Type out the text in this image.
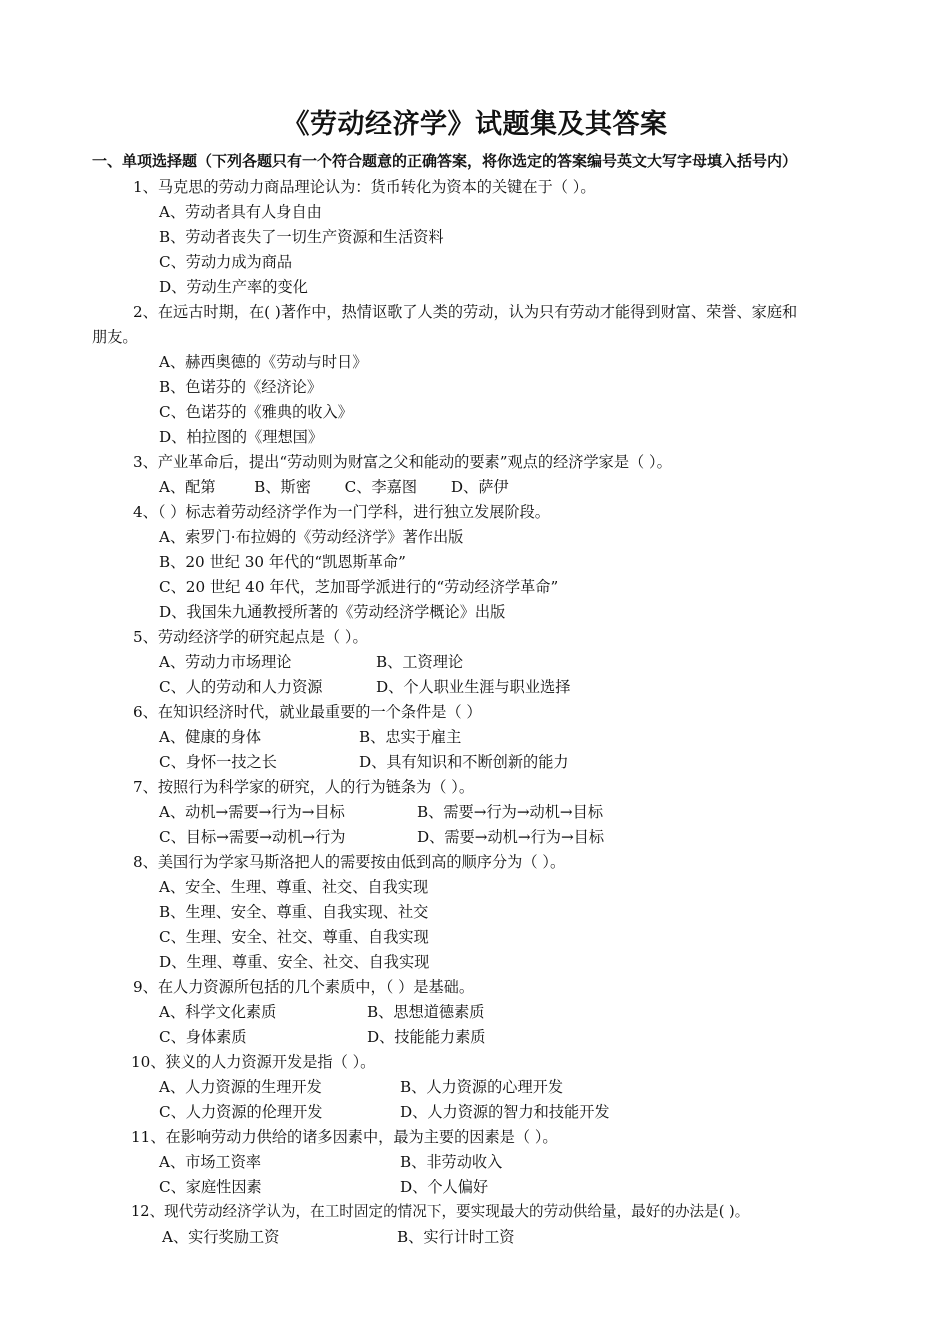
《劳动经济学》试题集及其答案
一、单项选择题（下列各题只有一个符合题意的正确答案，将你选定的答案编号英文大写字母填入括号内）
1、马克思的劳动力商品理论认为：货币转化为资本的关键在于（ ）。
A、劳动者具有人身自由
B、劳动者丧失了一切生产资源和生活资料
C、劳动力成为商品
D、劳动生产率的变化
2、在远古时期，在( )著作中，热情讴歌了人类的劳动，认为只有劳动才能得到财富、荣誉、家庭和
朋友。
A、赫西奥德的《劳动与时日》
B、色诺芬的《经济论》
C、色诺芬的《雅典的收入》
D、柏拉图的《理想国》
3、产业革命后，提出“劳动则为财富之父和能动的要素”观点的经济学家是（ ）。
A、配第        B、斯密       C、李嘉图       D、萨伊
4、（ ）标志着劳动经济学作为一门学科，进行独立发展阶段。
A、索罗门·布拉姆的《劳动经济学》著作出版
B、20 世纪 30 年代的“凯恩斯革命”
C、20 世纪 40 年代，芝加哥学派进行的“劳动经济学革命”
D、我国朱九通教授所著的《劳动经济学概论》出版
5、劳动经济学的研究起点是（ ）。
A、劳动力市场理论	B、工资理论
C、人的劳动和人力资源	D、个人职业生涯与职业选择
6、在知识经济时代，就业最重要的一个条件是（ ）
A、健康的身体	B、忠实于雇主
C、身怀一技之长	D、具有知识和不断创新的能力
7、按照行为科学家的研究，人的行为链条为（ ）。
A、动机→需要→行为→目标	B、需要→行为→动机→目标
C、目标→需要→动机→行为	D、需要→动机→行为→目标
8、美国行为学家马斯洛把人的需要按由低到高的顺序分为（ ）。
A、安全、生理、尊重、社交、自我实现
B、生理、安全、尊重、自我实现、社交
C、生理、安全、社交、尊重、自我实现
D、生理、尊重、安全、社交、自我实现
9、在人力资源所包括的几个素质中，（ ）是基础。
A、科学文化素质	B、思想道德素质
C、身体素质	D、技能能力素质
10、狭义的人力资源开发是指（ ）。
A、人力资源的生理开发	B、人力资源的心理开发
C、人力资源的伦理开发	D、人力资源的智力和技能开发
11、在影响劳动力供给的诸多因素中，最为主要的因素是（ ）。
A、市场工资率	B、非劳动收入
C、家庭性因素	D、个人偏好
12、现代劳动经济学认为，在工时固定的情况下，要实现最大的劳动供给量，最好的办法是( )。
A、实行奖励工资	B、实行计时工资
